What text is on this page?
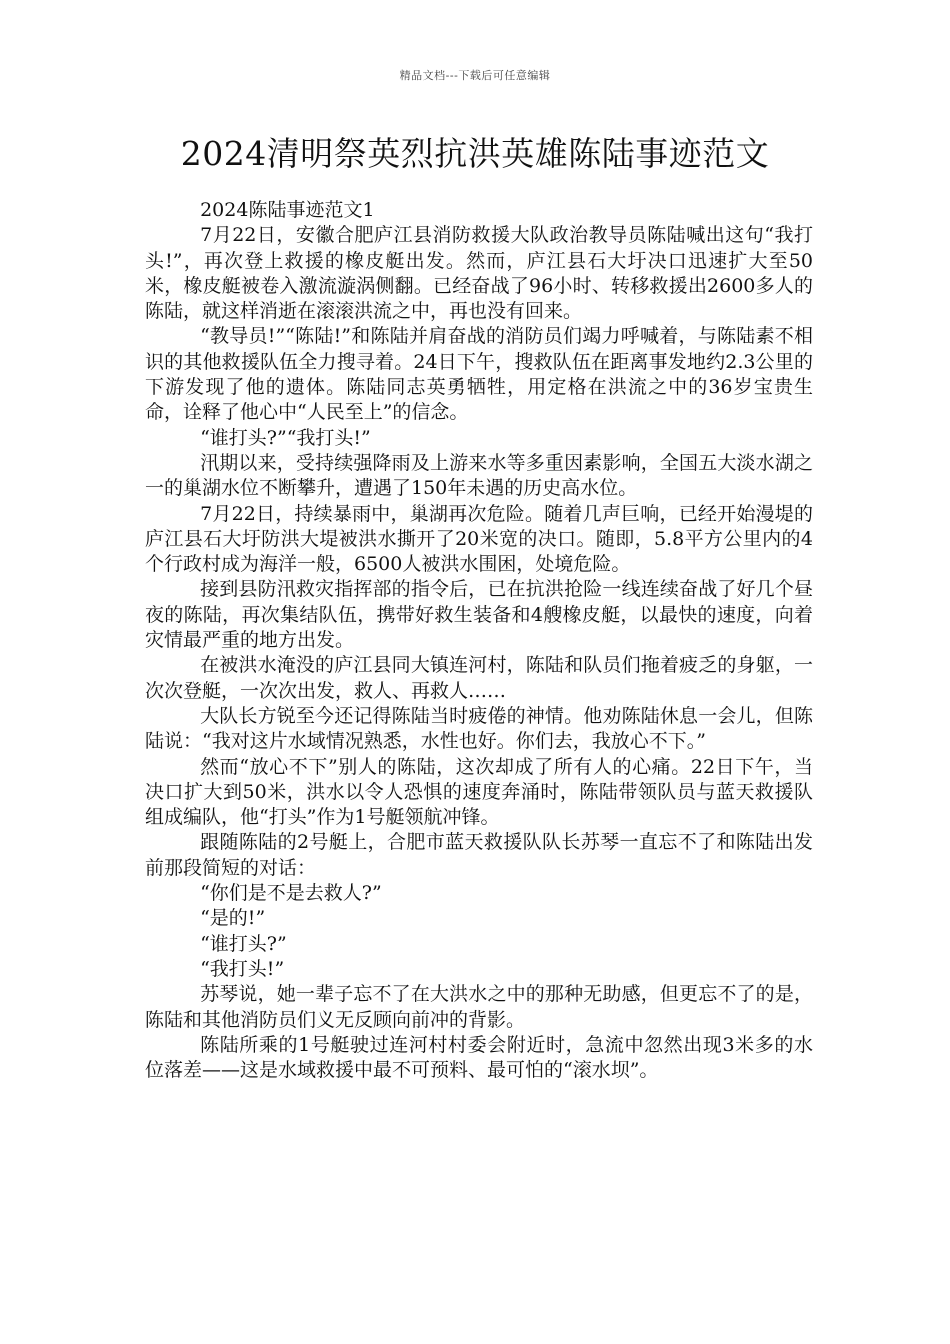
精品文档---下载后可任意编辑
2024清明祭英烈抗洪英雄陈陆事迹范文

2024陈陆事迹范文1

7月22日，安徽合肥庐江县消防救援大队政治教导员陈陆喊出这句“我打头!”，再次登上救援的橡皮艇出发。然而，庐江县石大圩决口迅速扩大至50米，橡皮艇被卷入激流漩涡侧翻。已经奋战了96小时、转移救援出2600多人的陈陆，就这样消逝在滚滚洪流之中，再也没有回来。

“教导员!”“陈陆!”和陈陆并肩奋战的消防员们竭力呼喊着，与陈陆素不相识的其他救援队伍全力搜寻着。24日下午，搜救队伍在距离事发地约2.3公里的下游发现了他的遗体。陈陆同志英勇牺牲，用定格在洪流之中的36岁宝贵生命，诠释了他心中“人民至上”的信念。

“谁打头?”“我打头!”

汛期以来，受持续强降雨及上游来水等多重因素影响，全国五大淡水湖之一的巢湖水位不断攀升，遭遇了150年未遇的历史高水位。

7月22日，持续暴雨中，巢湖再次危险。随着几声巨响，已经开始漫堤的庐江县石大圩防洪大堤被洪水撕开了20米宽的决口。随即，5.8平方公里内的4个行政村成为海洋一般，6500人被洪水围困，处境危险。

接到县防汛救灾指挥部的指令后，已在抗洪抢险一线连续奋战了好几个昼夜的陈陆，再次集结队伍，携带好救生装备和4艘橡皮艇，以最快的速度，向着灾情最严重的地方出发。

在被洪水淹没的庐江县同大镇连河村，陈陆和队员们拖着疲乏的身躯，一次次登艇，一次次出发，救人、再救人……

大队长方锐至今还记得陈陆当时疲倦的神情。他劝陈陆休息一会儿，但陈陆说：“我对这片水域情况熟悉，水性也好。你们去，我放心不下。”

然而“放心不下”别人的陈陆，这次却成了所有人的心痛。22日下午，当决口扩大到50米，洪水以令人恐惧的速度奔涌时，陈陆带领队员与蓝天救援队组成编队，他“打头”作为1号艇领航冲锋。

跟随陈陆的2号艇上，合肥市蓝天救援队队长苏琴一直忘不了和陈陆出发前那段简短的对话：

“你们是不是去救人?”

“是的!”

“谁打头?”

“我打头!”

苏琴说，她一辈子忘不了在大洪水之中的那种无助感，但更忘不了的是，陈陆和其他消防员们义无反顾向前冲的背影。

陈陆所乘的1号艇驶过连河村村委会附近时，急流中忽然出现3米多的水位落差——这是水域救援中最不可预料、最可怕的“滚水坝”。
